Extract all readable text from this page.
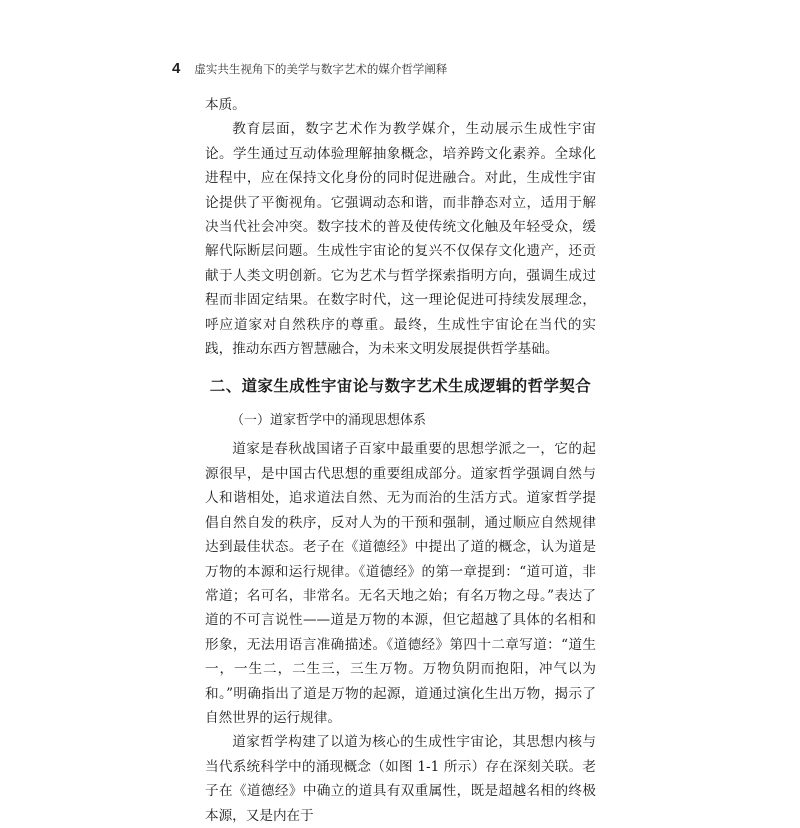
4 虚实共生视角下的美学与数字艺术的媒介哲学阐释

本质。

教育层面，数字艺术作为教学媒介，生动展示生成性宇宙论。学生通过互动体验理解抽象概念，培养跨文化素养。全球化进程中，应在保持文化身份的同时促进融合。对此，生成性宇宙论提供了平衡视角。它强调动态和谐，而非静态对立，适用于解决当代社会冲突。数字技术的普及使传统文化触及年轻受众，缓解代际断层问题。生成性宇宙论的复兴不仅保存文化遗产，还贡献于人类文明创新。它为艺术与哲学探索指明方向，强调生成过程而非固定结果。在数字时代，这一理论促进可持续发展理念，呼应道家对自然秩序的尊重。最终，生成性宇宙论在当代的实践，推动东西方智慧融合，为未来文明发展提供哲学基础。

二、道家生成性宇宙论与数字艺术生成逻辑的哲学契合
（一）道家哲学中的涌现思想体系

道家是春秋战国诸子百家中最重要的思想学派之一，它的起源很早，是中国古代思想的重要组成部分。道家哲学强调自然与人和谐相处，追求道法自然、无为而治的生活方式。道家哲学提倡自然自发的秩序，反对人为的干预和强制，通过顺应自然规律达到最佳状态。老子在《道德经》中提出了道的概念，认为道是万物的本源和运行规律。《道德经》的第一章提到：“道可道，非常道；名可名，非常名。无名天地之始；有名万物之母。”表达了道的不可言说性——道是万物的本源，但它超越了具体的名相和形象，无法用语言准确描述。《道德经》第四十二章写道：“道生一，一生二，二生三，三生万物。万物负阴而抱阳，冲气以为和。”明确指出了道是万物的起源，道通过演化生出万物，揭示了自然世界的运行规律。

道家哲学构建了以道为核心的生成性宇宙论，其思想内核与当代系统科学中的涌现概念（如图 1-1 所示）存在深刻关联。老子在《道德经》中确立的道具有双重属性，既是超越名相的终极本源，又是内在于
